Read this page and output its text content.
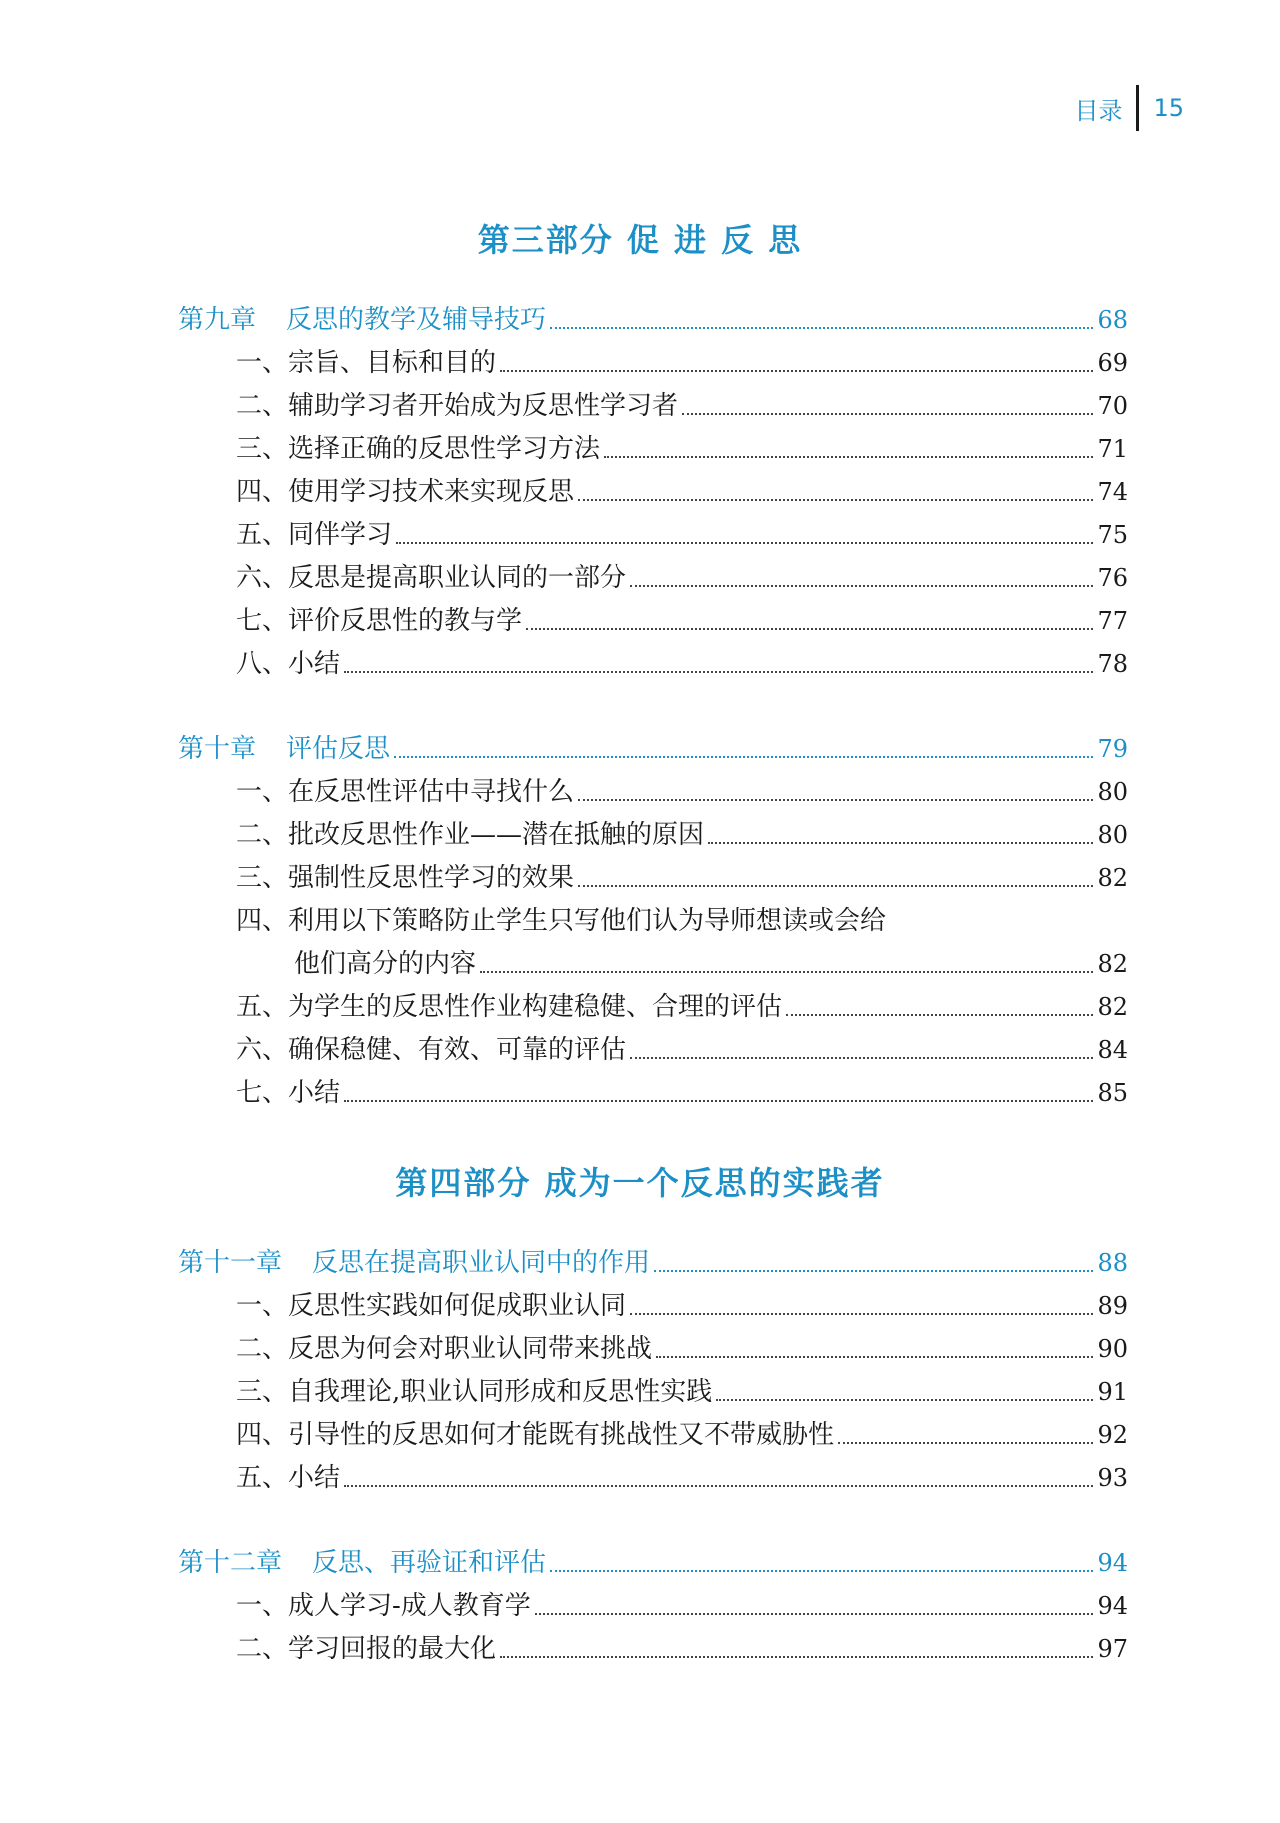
目录 15
第三部分 促 进 反 思
第九章 反思的教学及辅导技巧	68
一、宗旨、目标和目的	69
二、辅助学习者开始成为反思性学习者	70
三、选择正确的反思性学习方法	71
四、使用学习技术来实现反思	74
五、同伴学习	75
六、反思是提高职业认同的一部分	76
七、评价反思性的教与学	77
八、小结	78
第十章 评估反思	79
一、在反思性评估中寻找什么	80
二、批改反思性作业——潜在抵触的原因	80
三、强制性反思性学习的效果	82
四、利用以下策略防止学生只写他们认为导师想读或会给
他们高分的内容	82
五、为学生的反思性作业构建稳健、合理的评估	82
六、确保稳健、有效、可靠的评估	84
七、小结	85
第四部分 成为一个反思的实践者
第十一章 反思在提高职业认同中的作用	88
一、反思性实践如何促成职业认同	89
二、反思为何会对职业认同带来挑战	90
三、自我理论,职业认同形成和反思性实践	91
四、引导性的反思如何才能既有挑战性又不带威胁性	92
五、小结	93
第十二章 反思、再验证和评估	94
一、成人学习-成人教育学	94
二、学习回报的最大化	97
